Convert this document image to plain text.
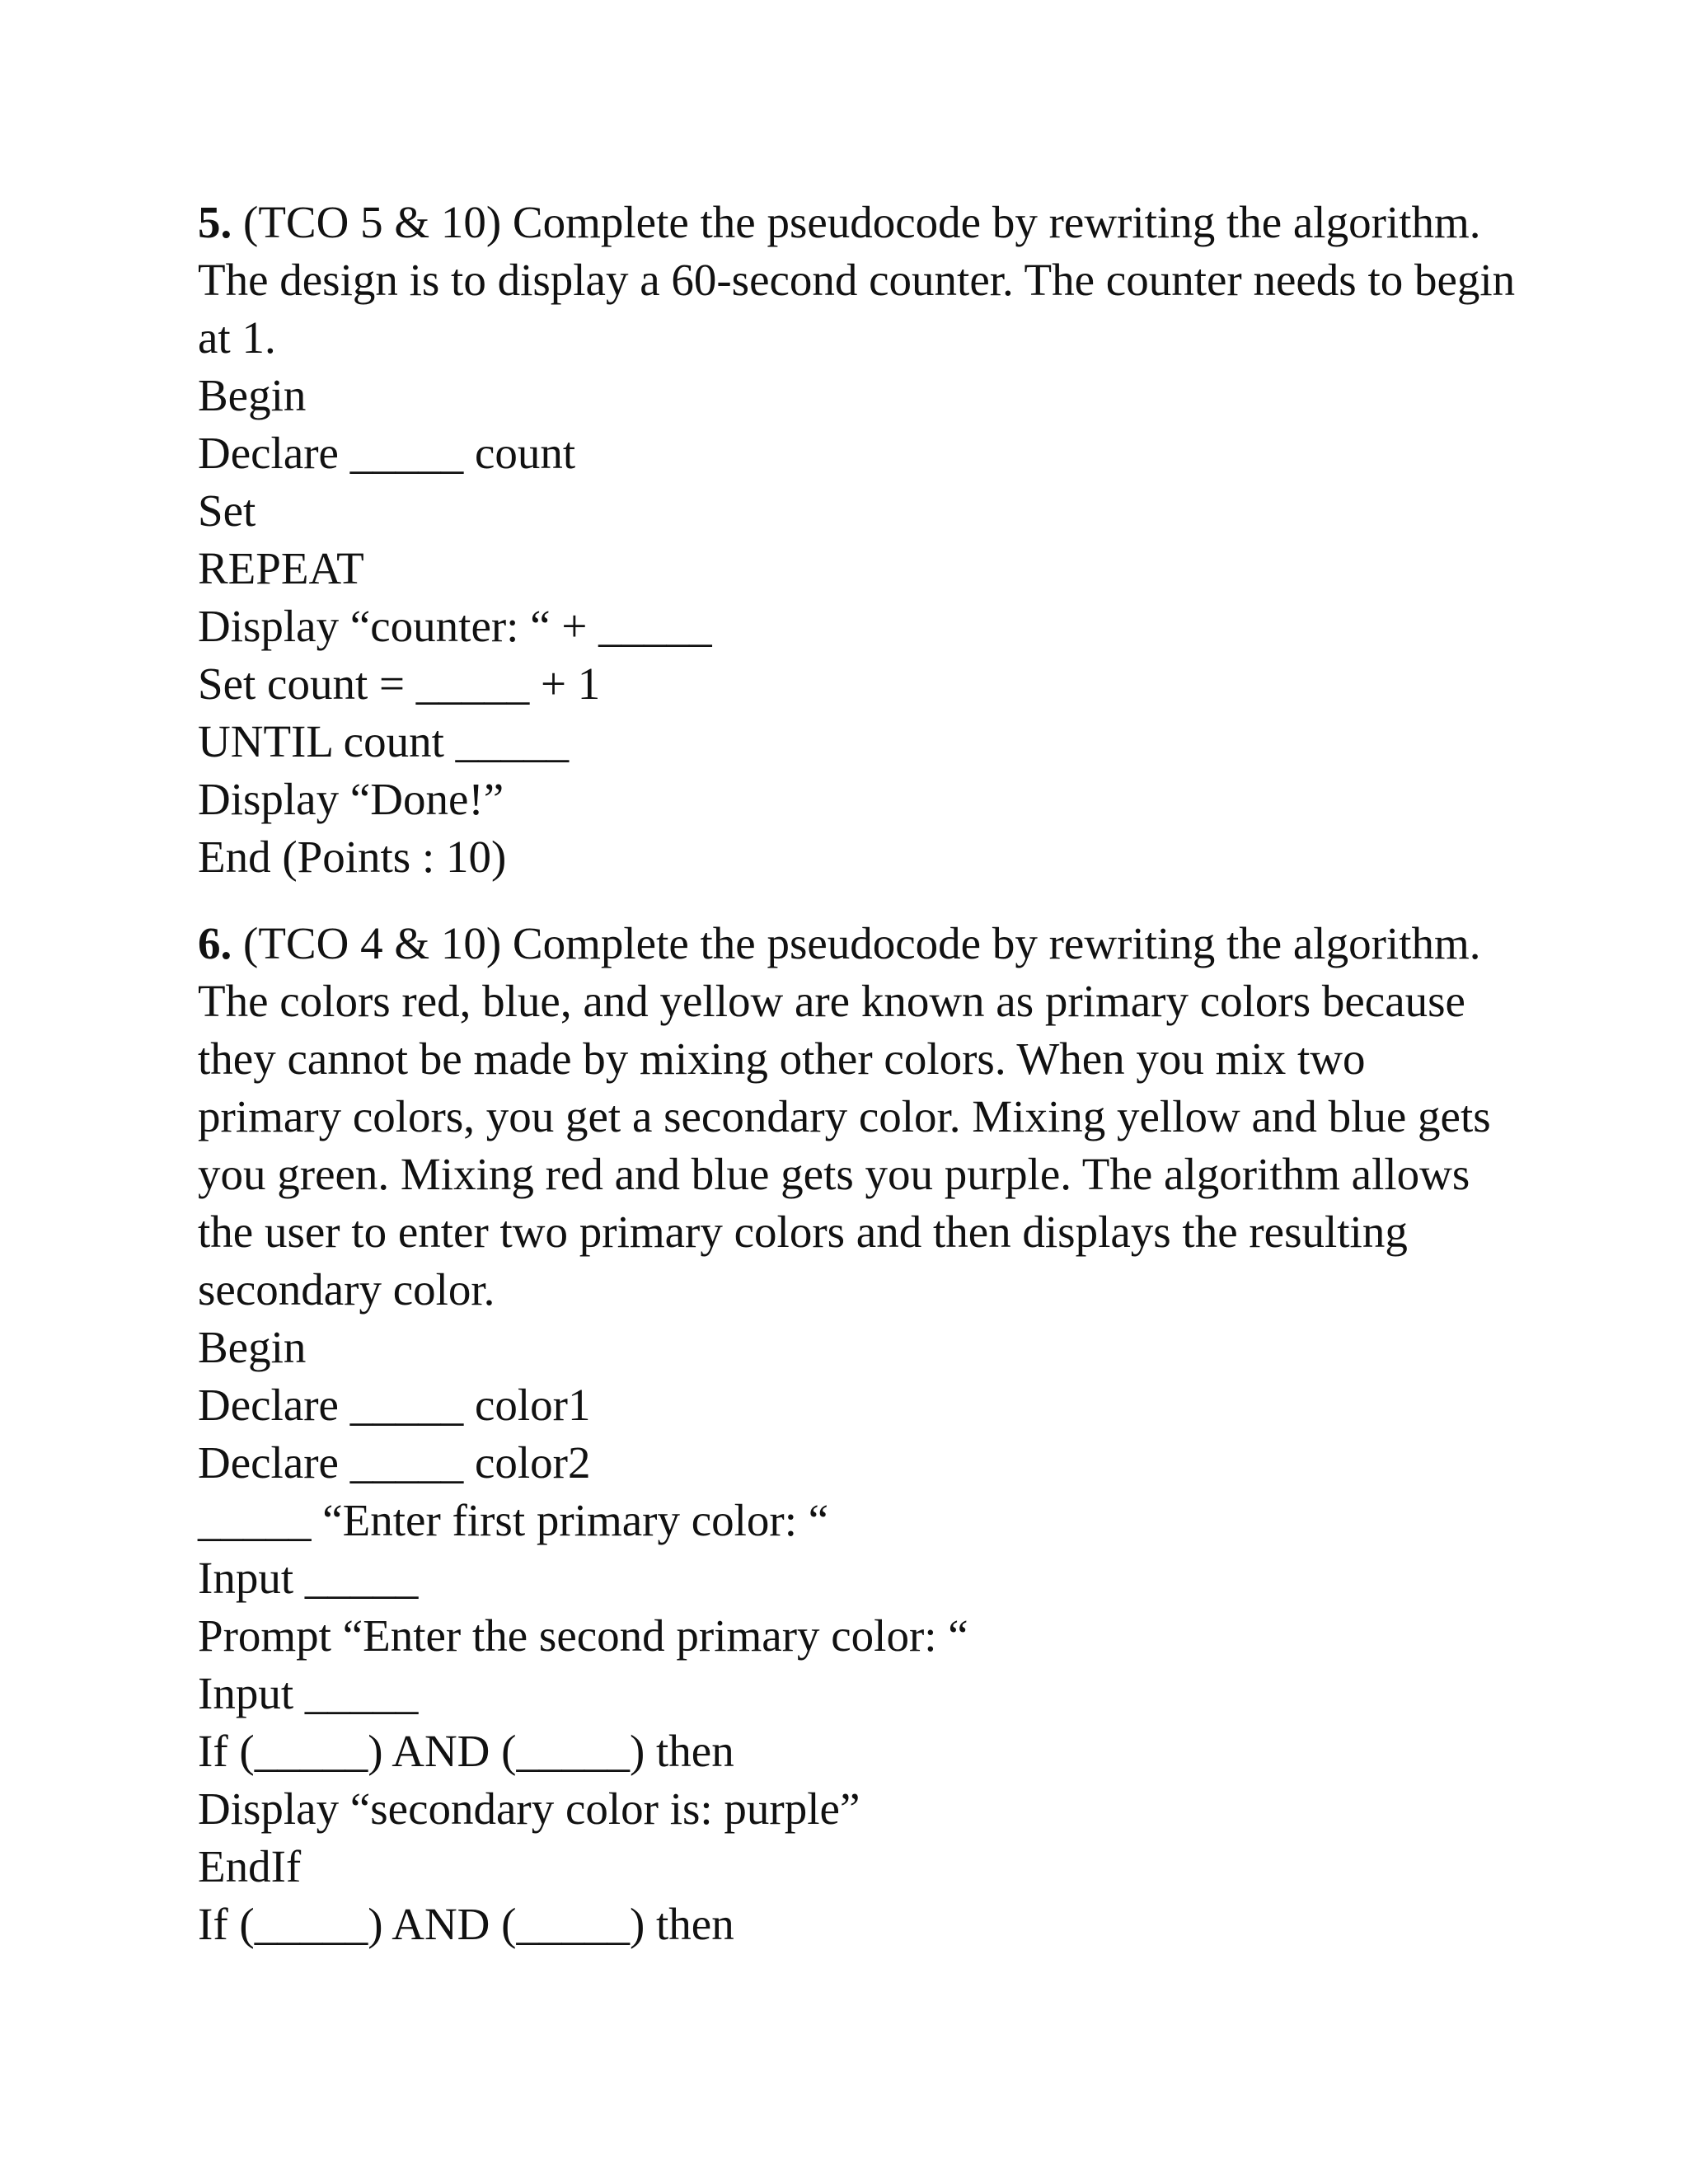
5. (TCO 5 & 10) Complete the pseudocode by rewriting the algorithm. The design is to display a 60-second counter. The counter needs to begin at 1.

Begin
Declare _____ count
Set
REPEAT
Display “counter: “ + _____
Set count = _____ + 1
UNTIL count _____
Display “Done!”
End (Points : 10)

6. (TCO 4 & 10) Complete the pseudocode by rewriting the algorithm. The colors red, blue, and yellow are known as primary colors because they cannot be made by mixing other colors. When you mix two primary colors, you get a secondary color. Mixing yellow and blue gets you green. Mixing red and blue gets you purple. The algorithm allows the user to enter two primary colors and then displays the resulting secondary color.

Begin
Declare _____ color1
Declare _____ color2
_____ “Enter first primary color: “
Input _____
Prompt “Enter the second primary color: “
Input _____
If (_____) AND (_____) then
Display “secondary color is: purple”
EndIf
If (_____) AND (_____) then
